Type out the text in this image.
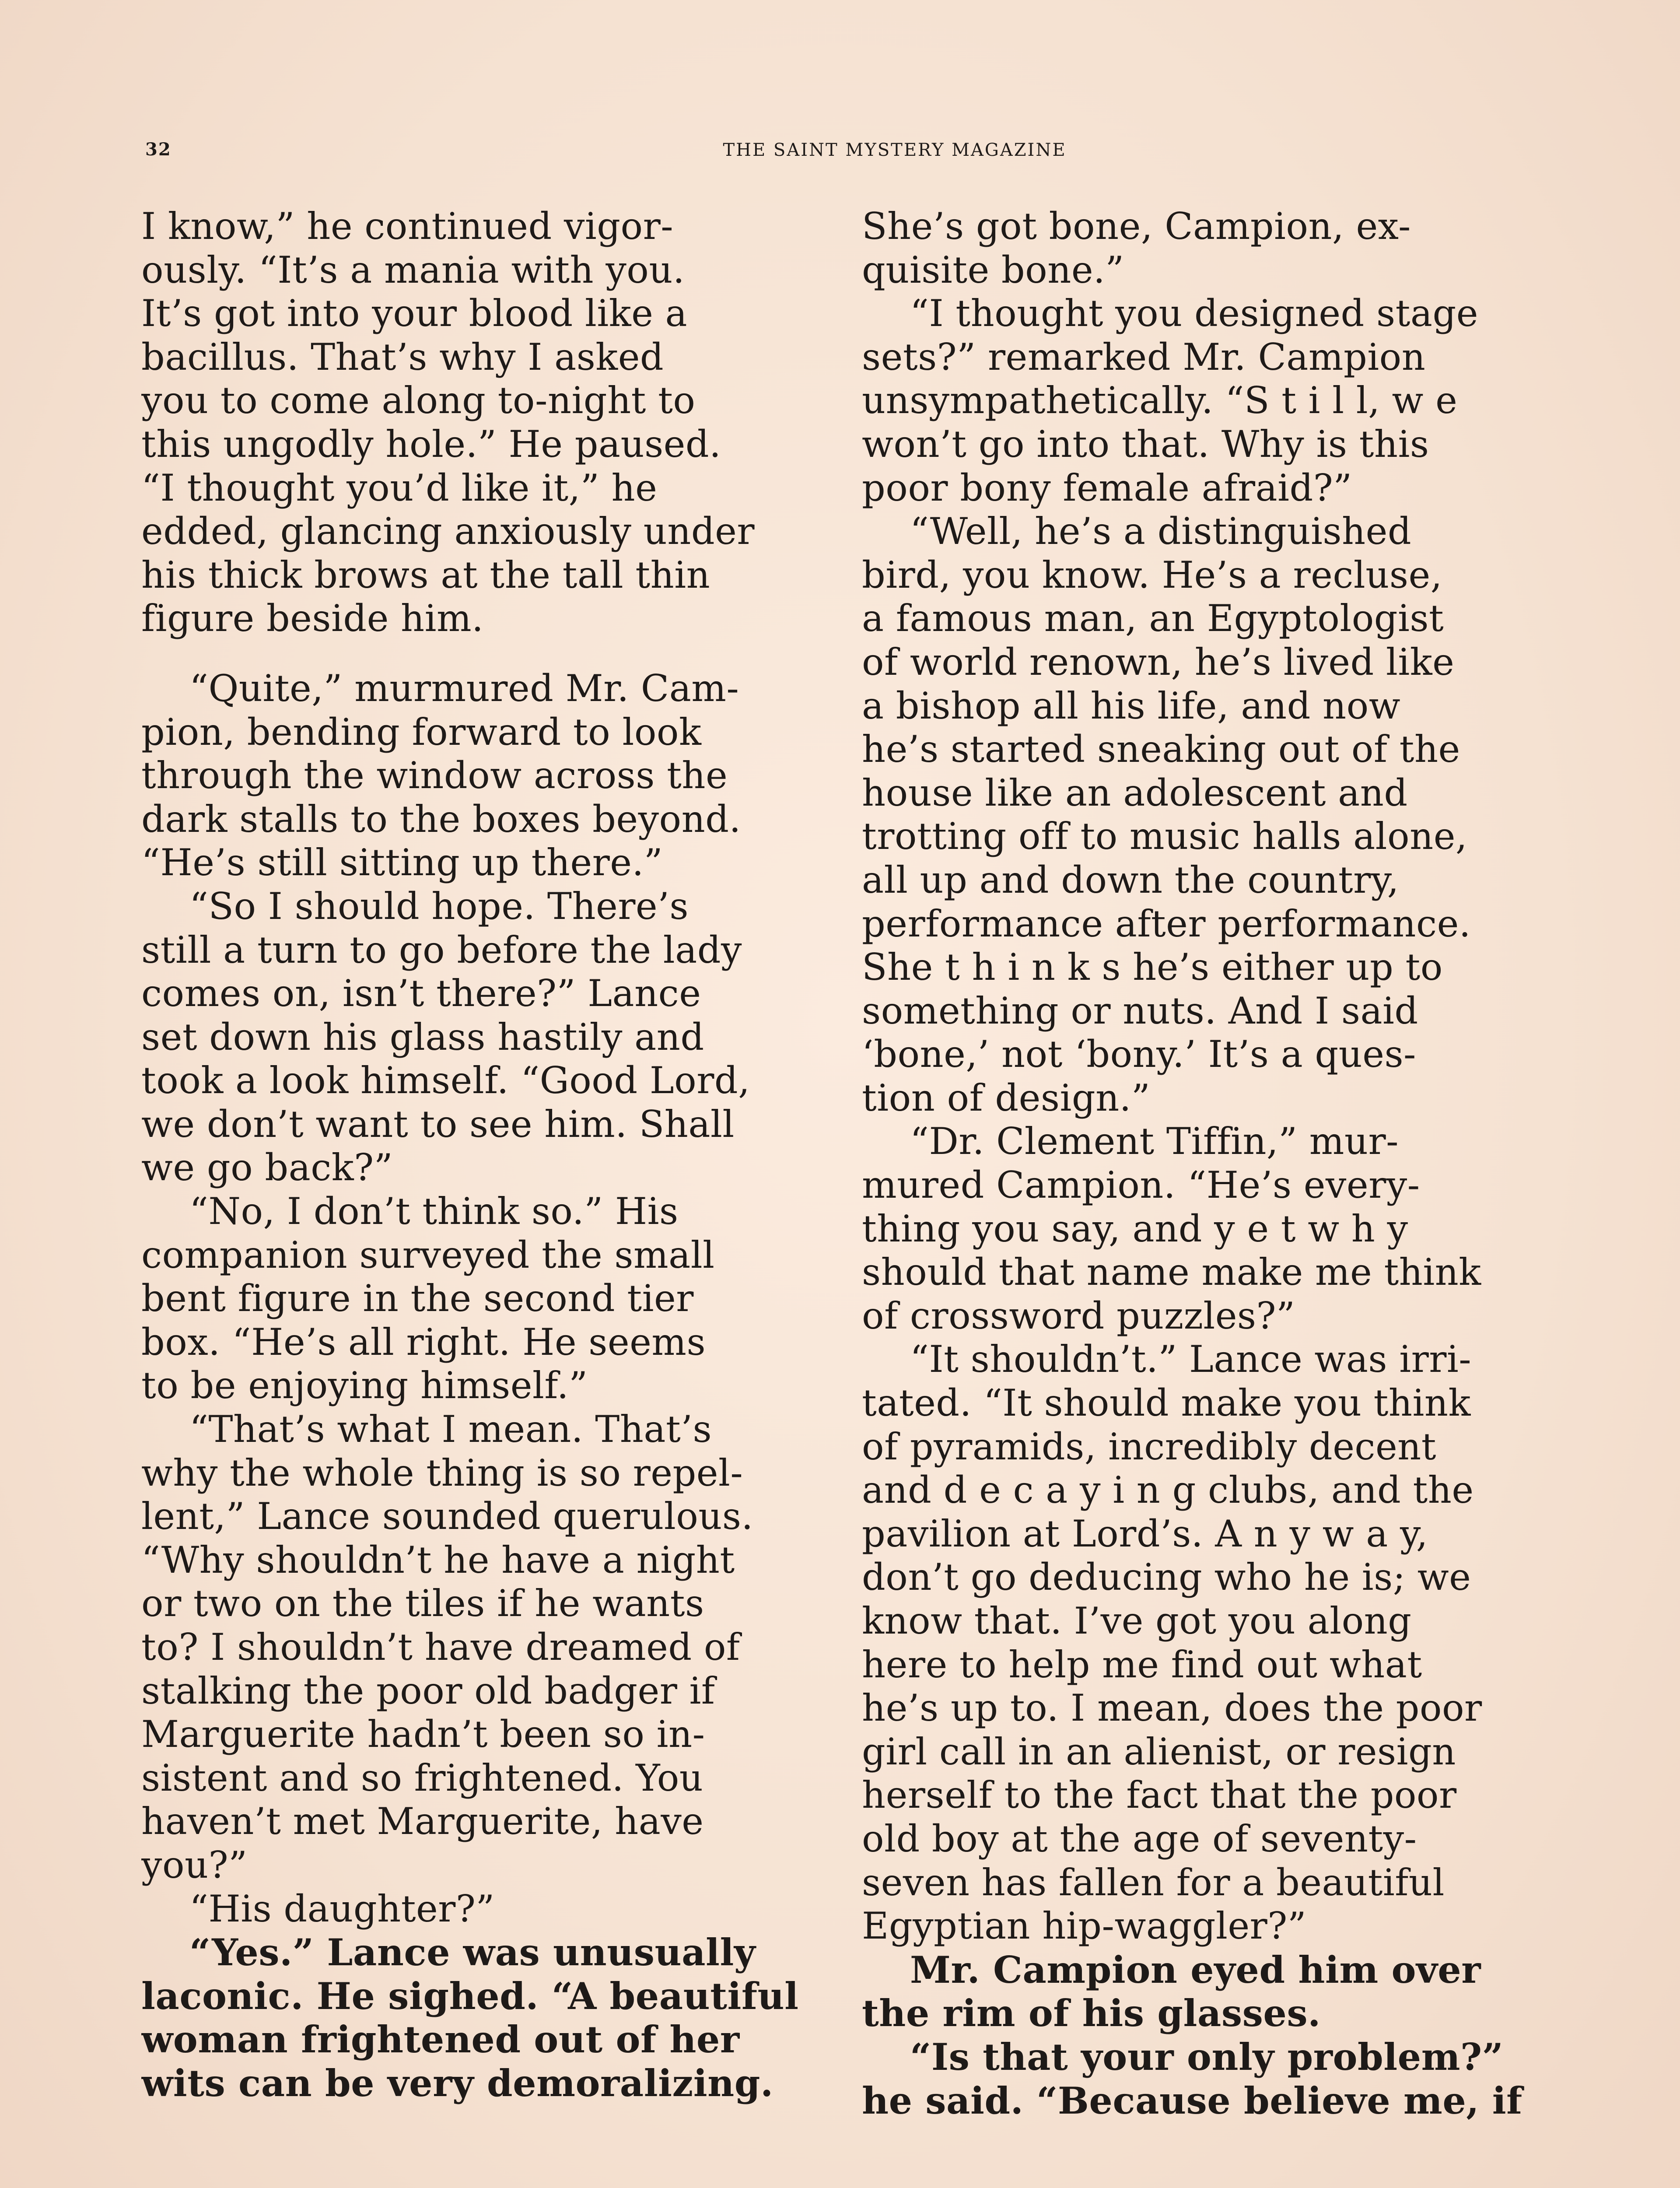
32	THE SAINT MYSTERY MAGAZINE
I know,” he continued vigor-
ously. “It’s a mania with you.
It’s got into your blood like a
bacillus. That’s why I asked
you to come along to-night to
this ungodly hole.” He paused.
“I thought you’d like it,” he
edded, glancing anxiously under
his thick brows at the tall thin
figure beside him.
“Quite,” murmured Mr. Cam-
pion, bending forward to look
through the window across the
dark stalls to the boxes beyond.
“He’s still sitting up there.”
“So I should hope. There’s
still a turn to go before the lady
comes on, isn’t there?” Lance
set down his glass hastily and
took a look himself. “Good Lord,
we don’t want to see him. Shall
we go back?”
“No, I don’t think so.” His
companion surveyed the small
bent figure in the second tier
box. “He’s all right. He seems
to be enjoying himself.”
“That’s what I mean. That’s
why the whole thing is so repel-
lent,” Lance sounded querulous.
“Why shouldn’t he have a night
or two on the tiles if he wants
to? I shouldn’t have dreamed of
stalking the poor old badger if
Marguerite hadn’t been so in-
sistent and so frightened. You
haven’t met Marguerite, have
you?”
“His daughter?”
“Yes.” Lance was unusually
laconic. He sighed. “A beautiful
woman frightened out of her
wits can be very demoralizing.
She’s got bone, Campion, ex-
quisite bone.”
“I thought you designed stage
sets?” remarked Mr. Campion
unsympathetically. “S t i l l, w e
won’t go into that. Why is this
poor bony female afraid?”
“Well, he’s a distinguished
bird, you know. He’s a recluse,
a famous man, an Egyptologist
of world renown, he’s lived like
a bishop all his life, and now
he’s started sneaking out of the
house like an adolescent and
trotting off to music halls alone,
all up and down the country,
performance after performance.
She t h i n k s he’s either up to
something or nuts. And I said
‘bone,’ not ‘bony.’ It’s a ques-
tion of design.”
“Dr. Clement Tiffin,” mur-
mured Campion. “He’s every-
thing you say, and y e t w h y
should that name make me think
of crossword puzzles?”
“It shouldn’t.” Lance was irri-
tated. “It should make you think
of pyramids, incredibly decent
and d e c a y i n g clubs, and the
pavilion at Lord’s. A n y w a y,
don’t go deducing who he is; we
know that. I’ve got you along
here to help me find out what
he’s up to. I mean, does the poor
girl call in an alienist, or resign
herself to the fact that the poor
old boy at the age of seventy-
seven has fallen for a beautiful
Egyptian hip-waggler?”
Mr. Campion eyed him over
the rim of his glasses.
“Is that your only problem?”
he said. “Because believe me, if
